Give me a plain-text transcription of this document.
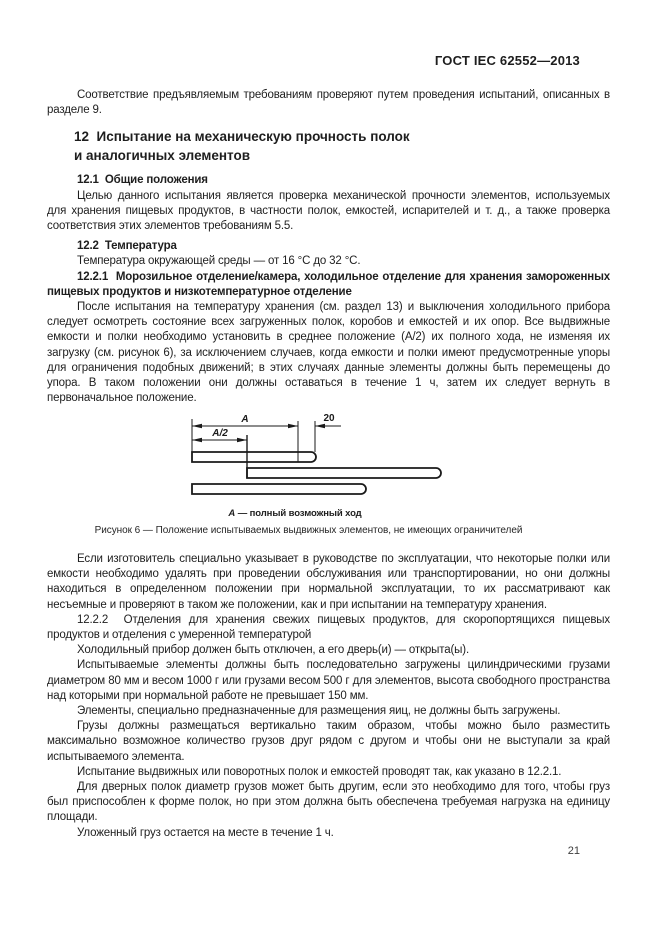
ГОСТ IEC 62552—2013

Соответствие предъявляемым требованиям проверяют путем проведения испытаний, описанных в разделе 9.

12  Испытание на механическую прочность полок
и аналогичных элементов

12.1  Общие положения

Целью данного испытания является проверка механической прочности элементов, используемых для хранения пищевых продуктов, в частности полок, емкостей, испарителей и т. д., а также проверка соответствия этих элементов требованиям 5.5.

12.2  Температура

Температура окружающей среды — от 16 °С до 32 °С.

12.2.1  Морозильное отделение/камера, холодильное отделение для хранения замороженных пищевых продуктов и низкотемпературное отделение

После испытания на температуру хранения (см. раздел 13) и выключения холодильного прибора следует осмотреть состояние всех загруженных полок, коробов и емкостей и их опор. Все выдвижные емкости и полки необходимо установить в среднее положение (A/2) их полного хода, не изменяя их загрузку (см. рисунок 6), за исключением случаев, когда емкости и полки имеют предусмотренные упоры для ограничения подобных движений; в этих случаях данные элементы должны быть перемещены до упора. В таком положении они должны оставаться в течение 1 ч, затем их следует вернуть в первоначальное положение.

A	20
A/2
A — полный возможный ход
Рисунок 6 — Положение испытываемых выдвижных элементов, не имеющих ограничителей

Если изготовитель специально указывает в руководстве по эксплуатации, что некоторые полки или емкости необходимо удалять при проведении обслуживания или транспортировании, но они должны находиться в определенном положении при нормальной эксплуатации, то их рассматривают как несъемные и проверяют в таком же положении, как и при испытании на температуру хранения.

12.2.2  Отделения для хранения свежих пищевых продуктов, для скоропортящихся пищевых продуктов и отделения с умеренной температурой

Холодильный прибор должен быть отключен, а его дверь(и) — открыта(ы).

Испытываемые элементы должны быть последовательно загружены цилиндрическими грузами диаметром 80 мм и весом 1000 г или грузами весом 500 г для элементов, высота свободного пространства над которыми при нормальной работе не превышает 150 мм.

Элементы, специально предназначенные для размещения яиц, не должны быть загружены.

Грузы должны размещаться вертикально таким образом, чтобы можно было разместить максимально возможное количество грузов друг рядом с другом и чтобы они не выступали за край испытываемого элемента.

Испытание выдвижных или поворотных полок и емкостей проводят так, как указано в 12.2.1.

Для дверных полок диаметр грузов может быть другим, если это необходимо для того, чтобы груз был приспособлен к форме полок, но при этом должна быть обеспечена требуемая нагрузка на единицу площади.

Уложенный груз остается на месте в течение 1 ч.

21
